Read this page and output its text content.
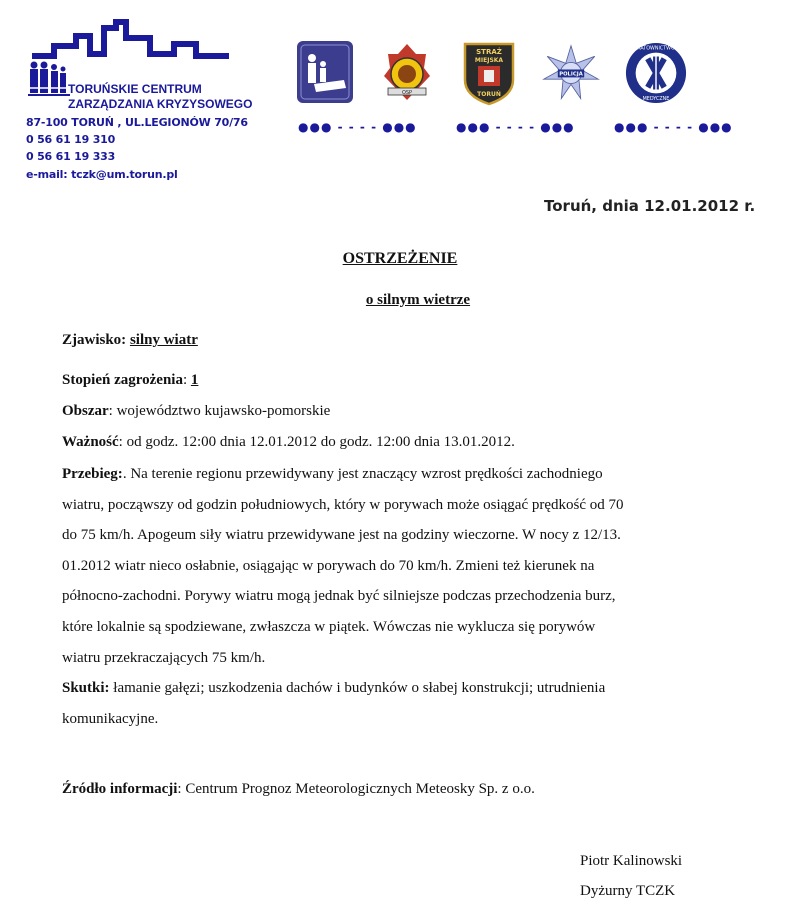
TORUŃSKIE CENTRUM
ZARZĄDZANIA KRYZYSOWEGO
87-100 TORUŃ , UL.LEGIONÓW 70/76
0 56 61 19 310
0 56 61 19 333
e-mail: tczk@um.torun.pl
OSP
STRAŻ
MIEJSKA
TORUŃ
POLICJA
RATOWNICTWO
MEDYCZNE
●●● - - - - ●●●	●●● - - - - ●●●	●●● - - - - ●●●
Toruń, dnia 12.01.2012 r.
OSTRZEŻENIE
o silnym wietrze
Zjawisko: silny wiatr
Stopień zagrożenia: 1
Obszar: województwo kujawsko-pomorskie
Ważność: od godz. 12:00 dnia 12.01.2012 do godz. 12:00 dnia 13.01.2012.
Przebieg:. Na terenie regionu przewidywany jest znaczący wzrost prędkości zachodniego
wiatru, począwszy od godzin południowych, który w porywach może osiągać prędkość od 70
do 75 km/h. Apogeum siły wiatru przewidywane jest na godziny wieczorne. W nocy z 12/13.
01.2012 wiatr nieco osłabnie, osiągając w porywach do 70 km/h. Zmieni też kierunek na
północno-zachodni. Porywy wiatru mogą jednak być silniejsze podczas przechodzenia burz,
które lokalnie są spodziewane, zwłaszcza w piątek. Wówczas nie wyklucza się porywów
wiatru przekraczających 75 km/h.
Skutki: łamanie gałęzi; uszkodzenia dachów i budynków o słabej konstrukcji; utrudnienia
komunikacyjne.
Źródło informacji: Centrum Prognoz Meteorologicznych Meteosky Sp. z o.o.
Piotr Kalinowski
Dyżurny TCZK
